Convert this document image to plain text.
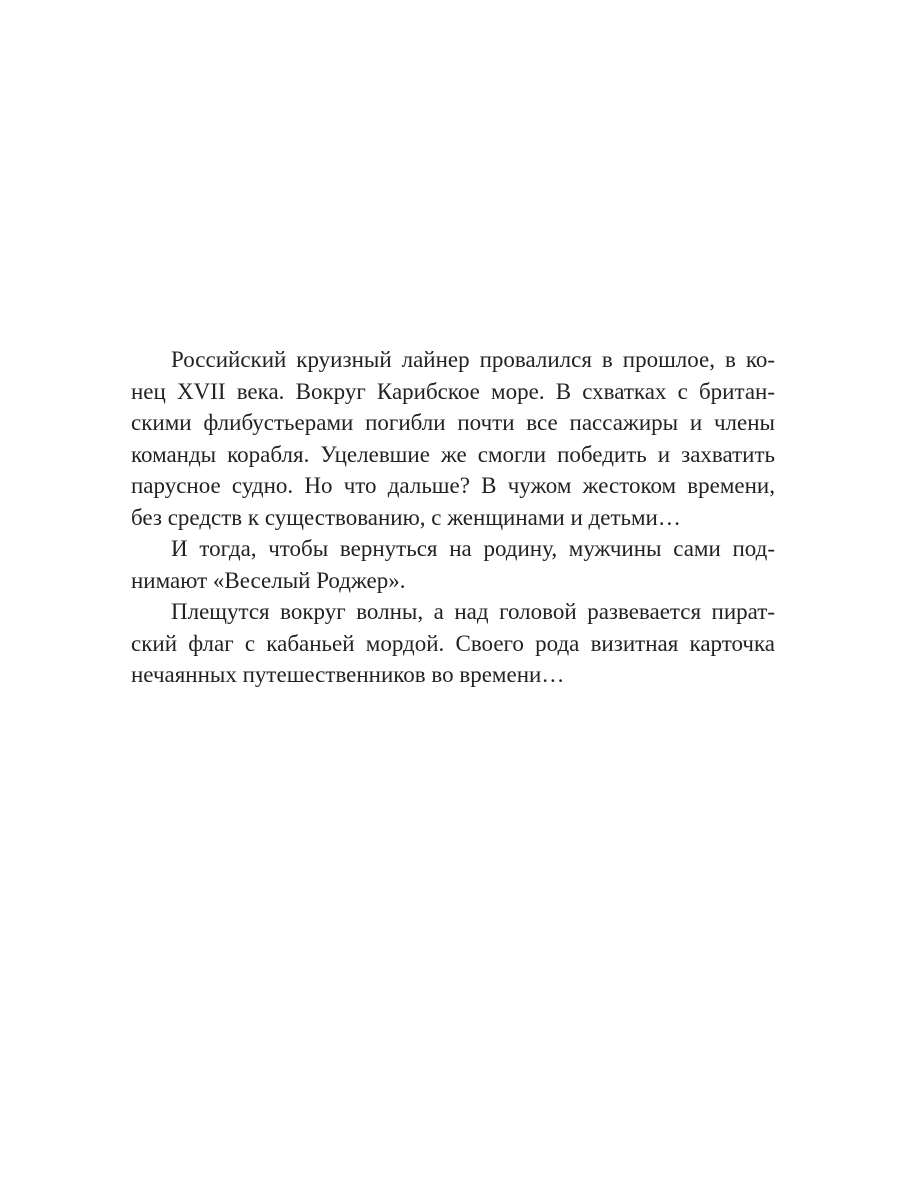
Российский круизный лайнер провалился в прошлое, в ко-
нец XVII века. Вокруг Карибское море. В схватках с британ-
скими флибустьерами погибли почти все пассажиры и члены
команды корабля. Уцелевшие же смогли победить и захватить
парусное судно. Но что дальше? В чужом жестоком времени,
без средств к существованию, с женщинами и детьми…

И тогда, чтобы вернуться на родину, мужчины сами под-
нимают «Веселый Роджер».

Плещутся вокруг волны, а над головой развевается пират-
ский флаг с кабаньей мордой. Своего рода визитная карточка
нечаянных путешественников во времени…
